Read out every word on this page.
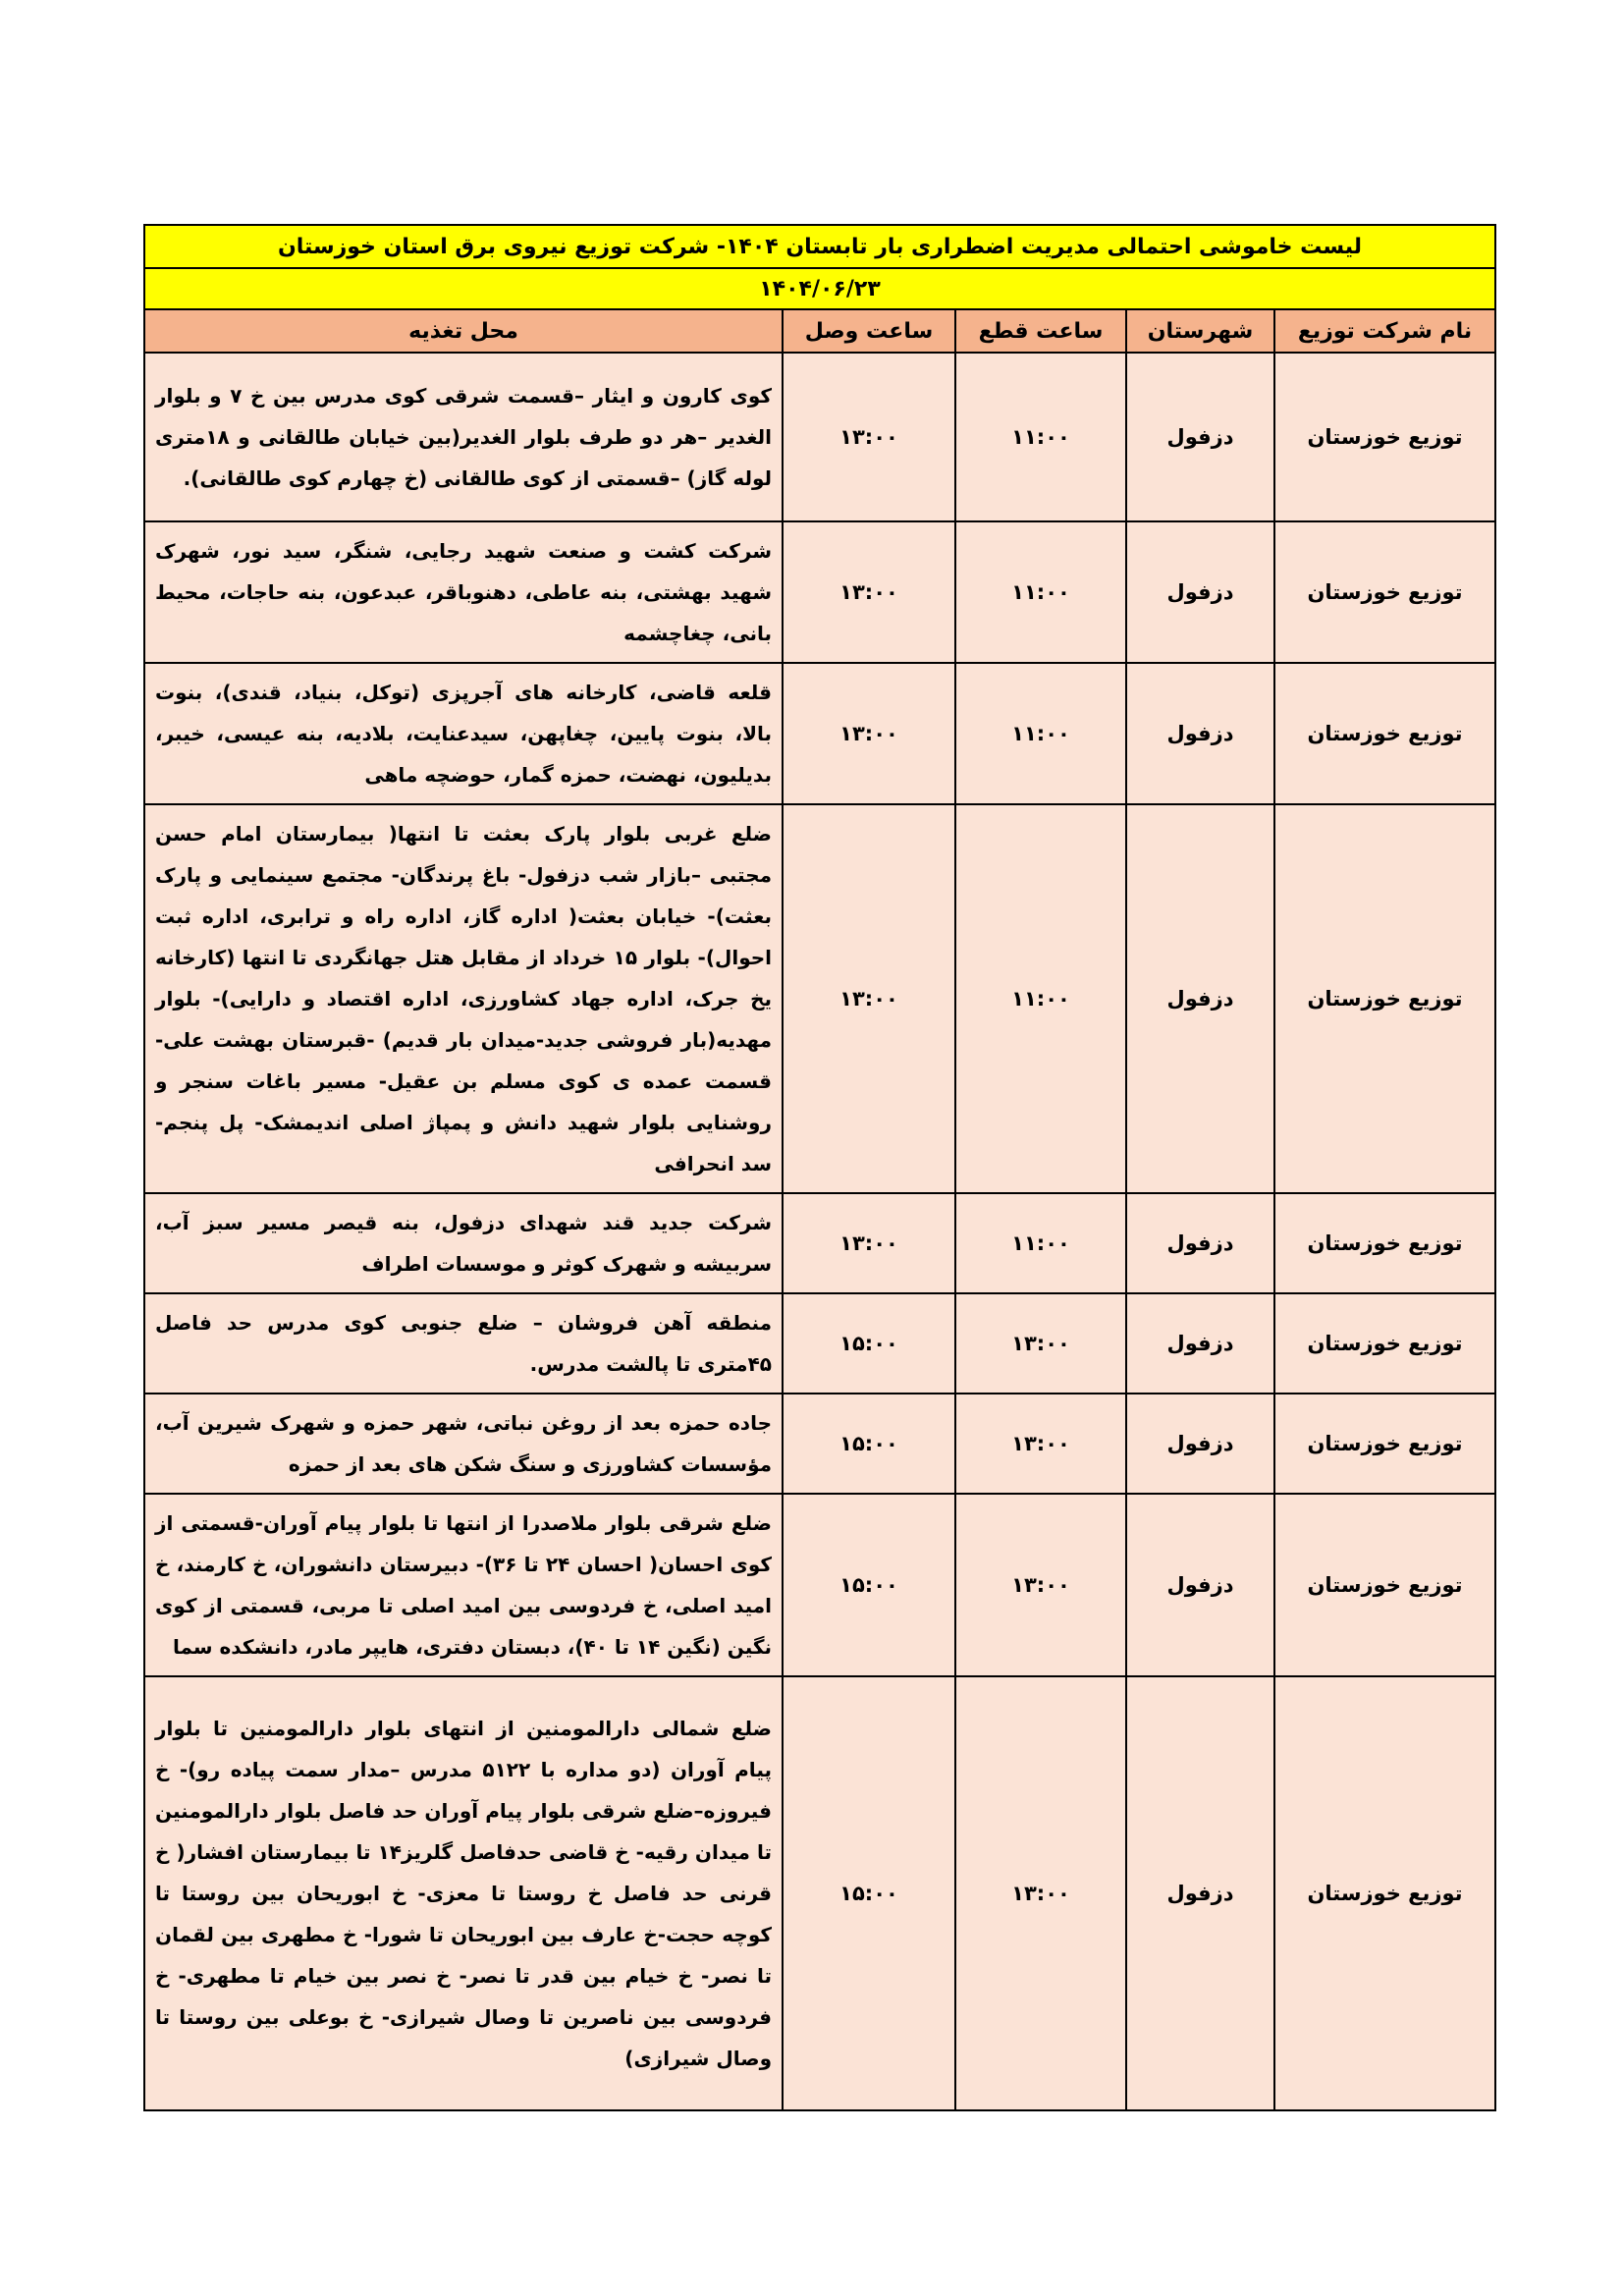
لیست خاموشی احتمالی مدیریت اضطراری بار تابستان ۱۴۰۴- شرکت توزیع نیروی برق استان خوزستان				
۱۴۰۴/۰۶/۲۳				
نام شرکت توزیع	شهرستان	ساعت قطع	ساعت وصل	محل تغذیه
توزیع خوزستان	دزفول	۱۱:۰۰	۱۳:۰۰	کوی کارون و ایثار –قسمت شرقی کوی مدرس بین خ ۷ و بلوار الغدیر –هر دو طرف بلوار الغدیر(بین خیابان طالقانی و ۱۸متری لوله گاز) –قسمتی از کوی طالقانی (خ چهارم کوی طالقانی).
توزیع خوزستان	دزفول	۱۱:۰۰	۱۳:۰۰	شرکت کشت و صنعت شهید رجایی، شنگر، سید نور، شهرک شهید بهشتی، بنه عاطی، دهنوباقر، عبدعون، بنه حاجات، محیط بانی، چغاچشمه
توزیع خوزستان	دزفول	۱۱:۰۰	۱۳:۰۰	قلعه قاضی، کارخانه های آجرپزی (توکل، بنیاد، قندی)، بنوت بالا، بنوت پایین، چغاپهن، سیدعنایت، بلادیه، بنه عیسی، خیبر، بدیلیون، نهضت، حمزه گمار، حوضچه ماهی
توزیع خوزستان	دزفول	۱۱:۰۰	۱۳:۰۰	ضلع غربی بلوار پارک بعثت تا انتها( بیمارستان امام حسن مجتبی –بازار شب دزفول- باغ پرندگان- مجتمع سینمایی و پارک بعثت)- خیابان بعثت( اداره گاز، اداره راه و ترابری، اداره ثبت احوال)- بلوار ۱۵ خرداد از مقابل هتل جهانگردی تا انتها (کارخانه یخ جرک، اداره جهاد کشاورزی، اداره اقتصاد و دارایی)- بلوار مهدیه(بار فروشی جدید-میدان بار قدیم) -قبرستان بهشت علی- قسمت عمده ی کوی مسلم بن عقیل- مسیر باغات سنجر و روشنایی بلوار شهید دانش و پمپاژ اصلی اندیمشک- پل پنجم- سد انحرافی
توزیع خوزستان	دزفول	۱۱:۰۰	۱۳:۰۰	شرکت جدید قند شهدای دزفول، بنه قیصر مسیر سبز آب، سربیشه و شهرک کوثر و موسسات اطراف
توزیع خوزستان	دزفول	۱۳:۰۰	۱۵:۰۰	منطقه آهن فروشان – ضلع جنوبی کوی مدرس حد فاصل ۴۵متری تا پالشت مدرس.
توزیع خوزستان	دزفول	۱۳:۰۰	۱۵:۰۰	جاده حمزه بعد از روغن نباتی، شهر حمزه و شهرک شیرین آب، مؤسسات کشاورزی و سنگ شکن های بعد از حمزه
توزیع خوزستان	دزفول	۱۳:۰۰	۱۵:۰۰	ضلع شرقی بلوار ملاصدرا از انتها تا بلوار پیام آوران-قسمتی از کوی احسان( احسان ۲۴ تا ۳۶)- دبیرستان دانشوران، خ کارمند، خ امید اصلی، خ فردوسی بین امید اصلی تا مربی، قسمتی از کوی نگین (نگین ۱۴ تا ۴۰)، دبستان دفتری، هایپر مادر، دانشکده سما
توزیع خوزستان	دزفول	۱۳:۰۰	۱۵:۰۰	ضلع شمالی دارالمومنین از انتهای بلوار دارالمومنین تا بلوار پیام آوران (دو مداره با ۵۱۲۲ مدرس –مدار سمت پیاده رو)- خ فیروزه–ضلع شرقی بلوار پیام آوران حد فاصل بلوار دارالمومنین تا میدان رقیه- خ قاضی حدفاصل گلریز۱۴ تا بیمارستان افشار( خ قرنی حد فاصل خ روستا تا معزی- خ ابوریحان بین روستا تا کوچه حجت-خ عارف بین ابوریحان تا شورا- خ مطهری بین لقمان تا نصر- خ خیام بین قدر تا نصر- خ نصر بین خیام تا مطهری- خ فردوسی بین ناصرین تا وصال شیرازی- خ بوعلی بین روستا تا وصال شیرازی)
